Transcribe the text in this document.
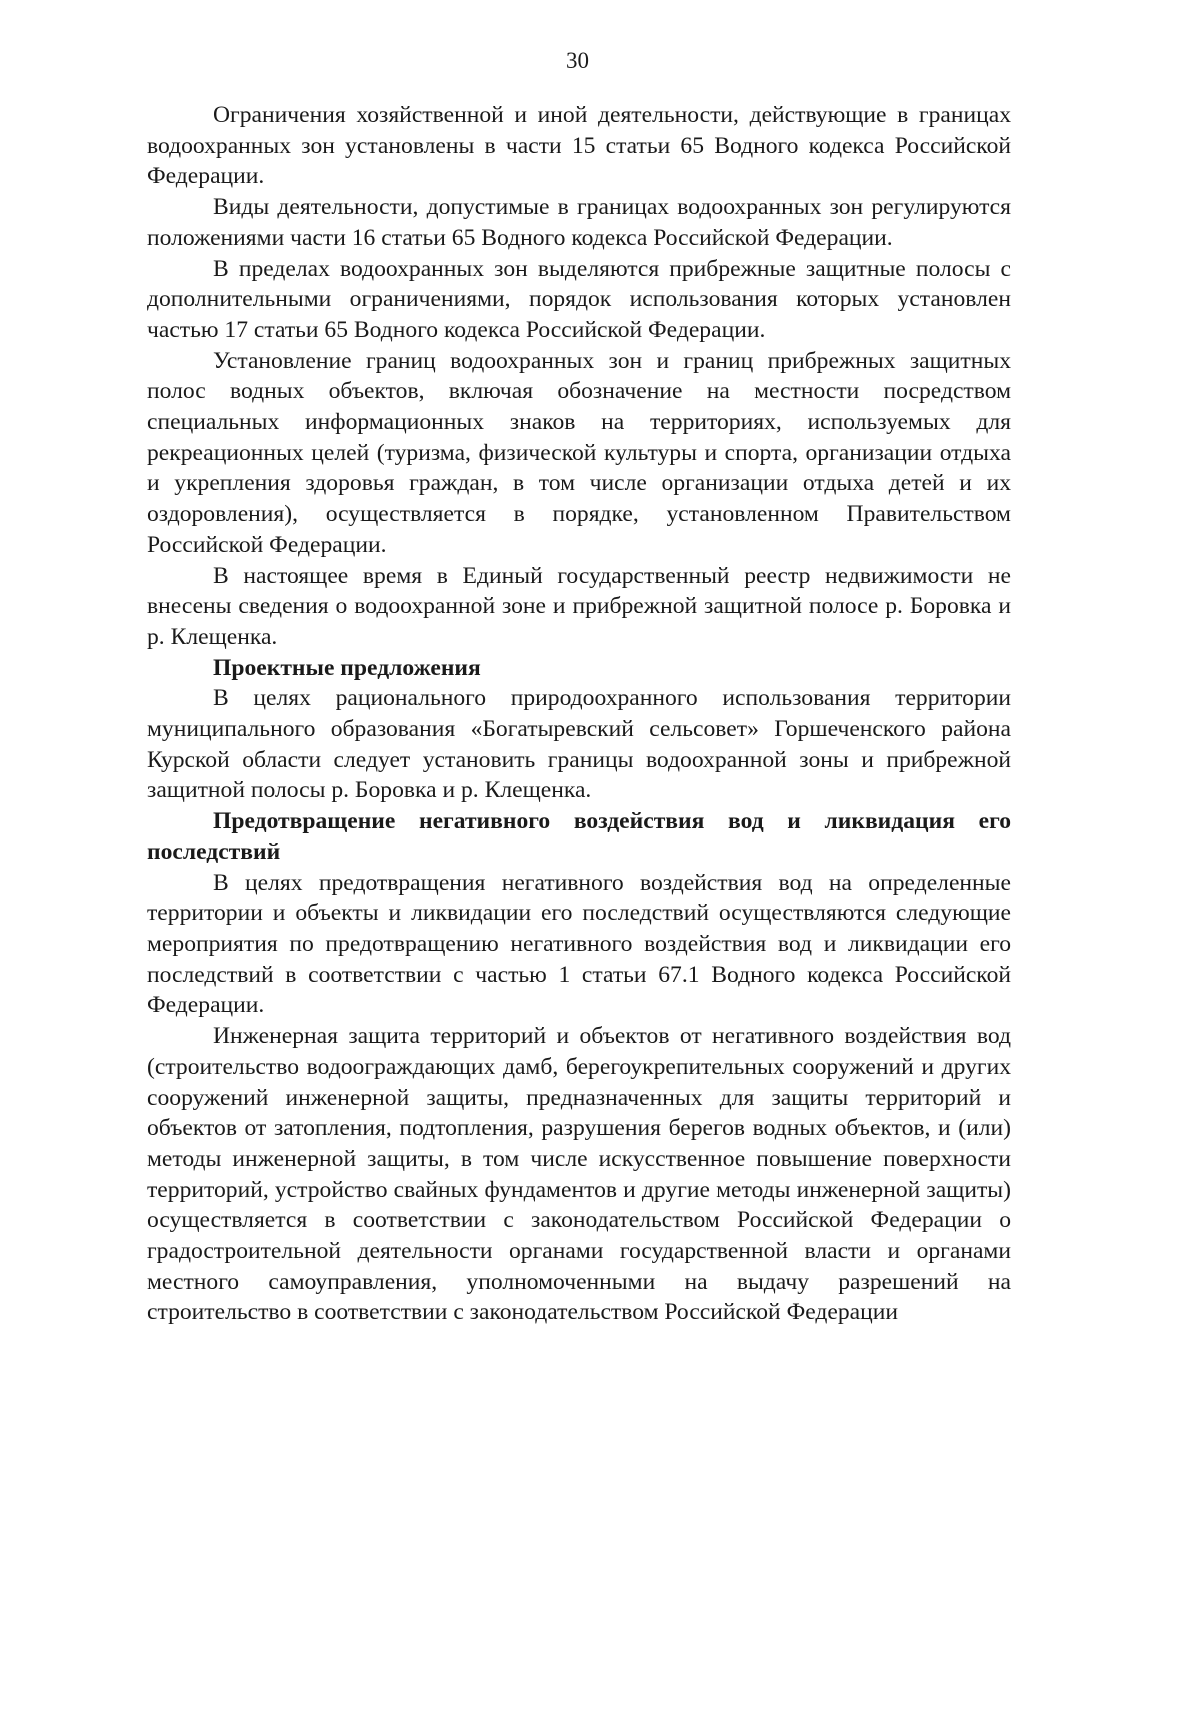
30

Ограничения хозяйственной и иной деятельности, действующие в границах водоохранных зон установлены в части 15 статьи 65 Водного кодекса Российской Федерации.

Виды деятельности, допустимые в границах водоохранных зон регулируются положениями части 16 статьи 65 Водного кодекса Российской Федерации.

В пределах водоохранных зон выделяются прибрежные защитные полосы с дополнительными ограничениями, порядок использования которых установлен частью 17 статьи 65 Водного кодекса Российской Федерации.

Установление границ водоохранных зон и границ прибрежных защитных полос водных объектов, включая обозначение на местности посредством специальных информационных знаков на территориях, используемых для рекреационных целей (туризма, физической культуры и спорта, организации отдыха и укрепления здоровья граждан, в том числе организации отдыха детей и их оздоровления), осуществляется в порядке, установленном Правительством Российской Федерации.

В настоящее время в Единый государственный реестр недвижимости не внесены сведения о водоохранной зоне и прибрежной защитной полосе р. Боровка и р. Клещенка.

Проектные предложения

В целях рационального природоохранного использования территории муниципального образования «Богатыревский сельсовет» Горшеченского района Курской области следует установить границы водоохранной зоны и прибрежной защитной полосы р. Боровка и р. Клещенка.

Предотвращение негативного воздействия вод и ликвидация его последствий

В целях предотвращения негативного воздействия вод на определенные территории и объекты и ликвидации его последствий осуществляются следующие мероприятия по предотвращению негативного воздействия вод и ликвидации его последствий в соответствии с частью 1 статьи 67.1 Водного кодекса Российской Федерации.

Инженерная защита территорий и объектов от негативного воздействия вод (строительство водоограждающих дамб, берегоукрепительных сооружений и других сооружений инженерной защиты, предназначенных для защиты территорий и объектов от затопления, подтопления, разрушения берегов водных объектов, и (или) методы инженерной защиты, в том числе искусственное повышение поверхности территорий, устройство свайных фундаментов и другие методы инженерной защиты) осуществляется в соответствии с законодательством Российской Федерации о градостроительной деятельности органами государственной власти и органами местного самоуправления, уполномоченными на выдачу разрешений на строительство в соответствии с законодательством Российской Федерации
